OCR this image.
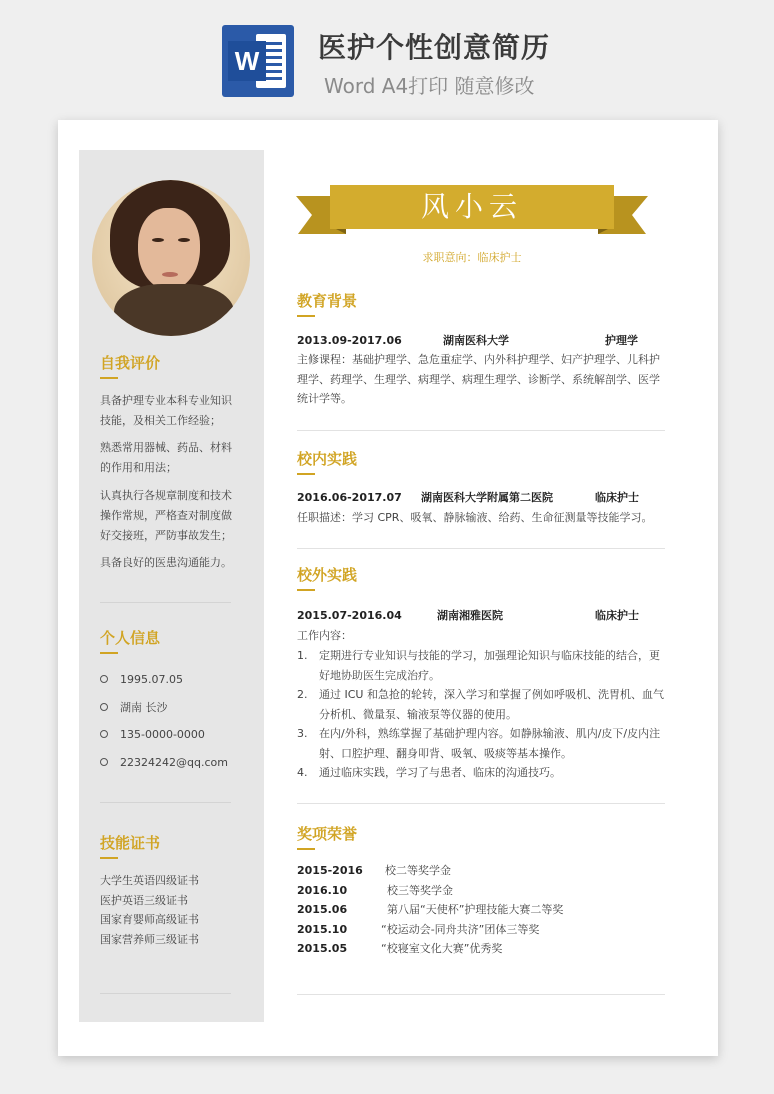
W 医护个性创意简历
Word A4打印 随意修改
自我评价
具备护理专业本科专业知识技能，及相关工作经验；
熟悉常用器械、药品、材料的作用和用法；
认真执行各规章制度和技术操作常规，严格查对制度做好交接班，严防事故发生；
具备良好的医患沟通能力。
个人信息
1995.07.05
湖南 长沙
135-0000-0000
22324242@qq.com
技能证书
大学生英语四级证书
医护英语三级证书
国家育婴师高级证书
国家营养师三级证书
风小云
求职意向：临床护士
教育背景
2013.09-2017.06	湖南医科大学	护理学
主修课程：基础护理学、急危重症学、内外科护理学、妇产护理学、儿科护理学、药理学、生理学、病理学、病理生理学、诊断学、系统解剖学、医学统计学等。
校内实践
2016.06-2017.07 湖南医科大学附属第二医院	临床护士
任职描述：学习 CPR、吸氧、静脉输液、给药、生命征测量等技能学习。
校外实践
2015.07-2016.04	湖南湘雅医院	临床护士
工作内容：
1. 定期进行专业知识与技能的学习，加强理论知识与临床技能的结合，更好地协助医生完成治疗。
2. 通过 ICU 和急抢的轮转，深入学习和掌握了例如呼吸机、洗胃机、血气分析机、微量泵、输液泵等仪器的使用。
3. 在内/外科，熟练掌握了基础护理内容。如静脉输液、肌内/皮下/皮内注射、口腔护理、翻身叩背、吸氧、吸痰等基本操作。
4. 通过临床实践，学习了与患者、临床的沟通技巧。
奖项荣誉
2015-2016 校二等奖学金
2016.10	校三等奖学金
2015.06	第八届“天使杯”护理技能大赛二等奖
2015.10	“校运动会-同舟共济”团体三等奖
2015.05	“校寝室文化大赛”优秀奖
